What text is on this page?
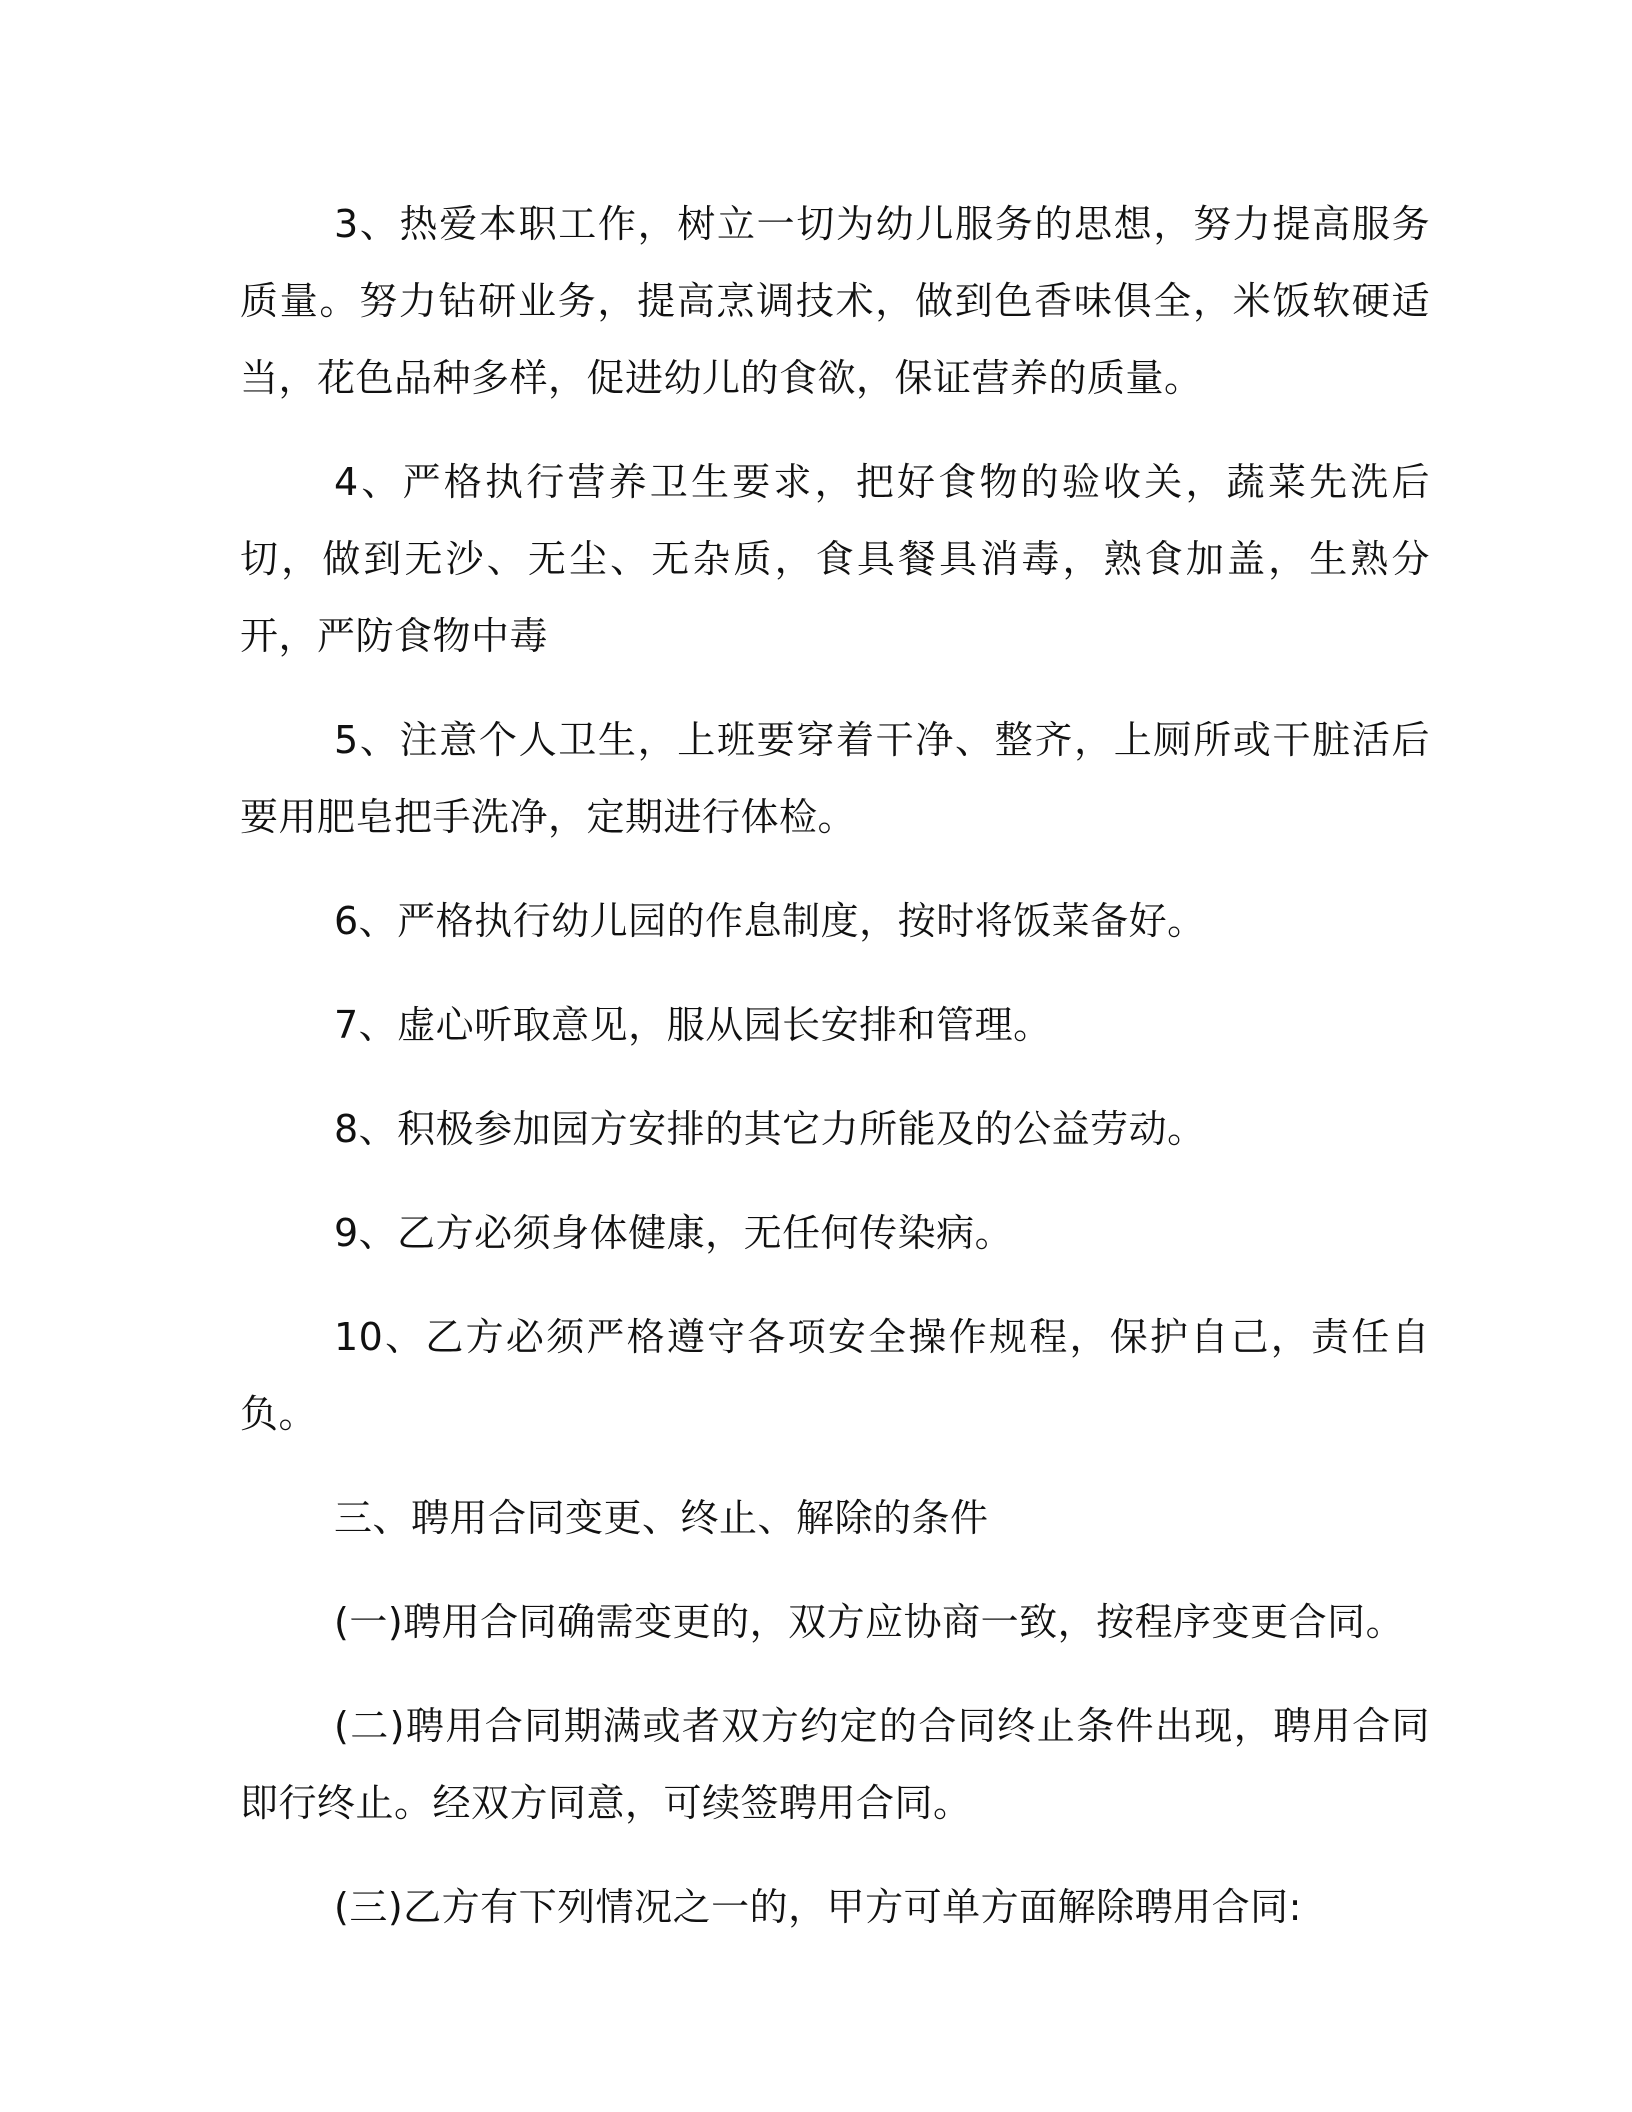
3、热爱本职工作，树立一切为幼儿服务的思想，努力提高服务质量。努力钻研业务，提高烹调技术，做到色香味俱全，米饭软硬适当，花色品种多样，促进幼儿的食欲，保证营养的质量。

4、严格执行营养卫生要求，把好食物的验收关，蔬菜先洗后切，做到无沙、无尘、无杂质，食具餐具消毒，熟食加盖，生熟分开，严防食物中毒

5、注意个人卫生，上班要穿着干净、整齐，上厕所或干脏活后要用肥皂把手洗净，定期进行体检。

6、严格执行幼儿园的作息制度，按时将饭菜备好。

7、虚心听取意见，服从园长安排和管理。

8、积极参加园方安排的其它力所能及的公益劳动。

9、乙方必须身体健康，无任何传染病。

10、乙方必须严格遵守各项安全操作规程，保护自己，责任自负。

三、聘用合同变更、终止、解除的条件

(一)聘用合同确需变更的，双方应协商一致，按程序变更合同。

(二)聘用合同期满或者双方约定的合同终止条件出现，聘用合同即行终止。经双方同意，可续签聘用合同。

(三)乙方有下列情况之一的，甲方可单方面解除聘用合同:
